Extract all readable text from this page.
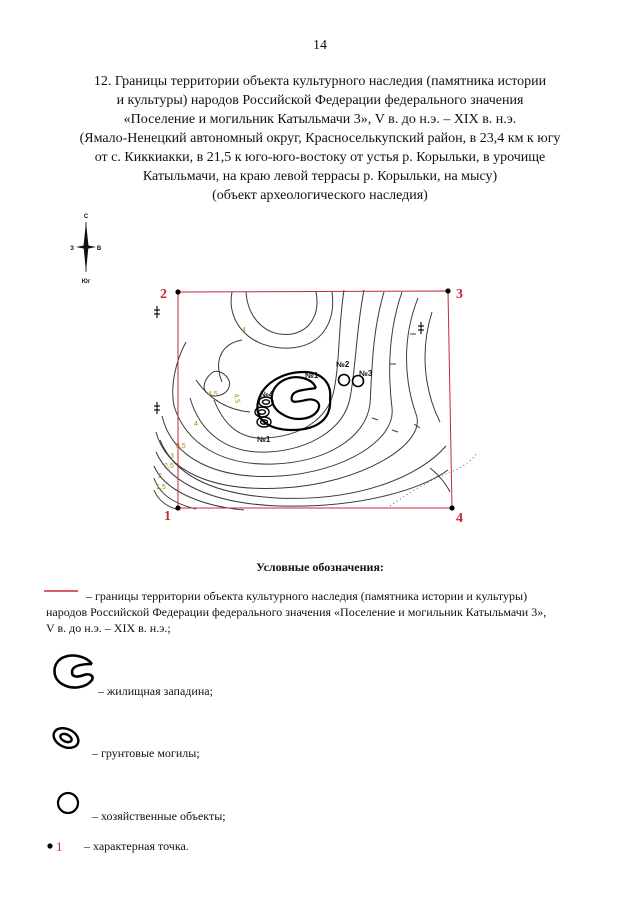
14
12. Границы территории объекта культурного наследия (памятника истории
и культуры) народов Российской Федерации федерального значения
«Поселение и могильник Катыльмачи 3», V в. до н.э. – XIX в. н.э.
(Ямало-Ненецкий автономный округ, Красноселькупский район, в 23,4 км к югу
от с. Киккиакки, в 21,5 к юго-юго-востоку от устья р. Корыльки, в урочище
Катыльмачи, на краю левой террасы р. Корыльки, на мысу)
(объект археологического наследия)
С
З	В
Юг
№1
№2
№3
№4
№1
4
4,5
4
4,5
3,5
3
2,5
2
1,5
1
2	3
4
1
Условные обозначения:
– границы территории объекта культурного наследия (памятника истории и культуры)
народов Российской Федерации федерального значения «Поселение и могильник Катыльмачи 3»,
V в. до н.э. – XIX в. н.э.;
– жилищная западина;
– грунтовые могилы;
– хозяйственные объекты;
– характерная точка.
